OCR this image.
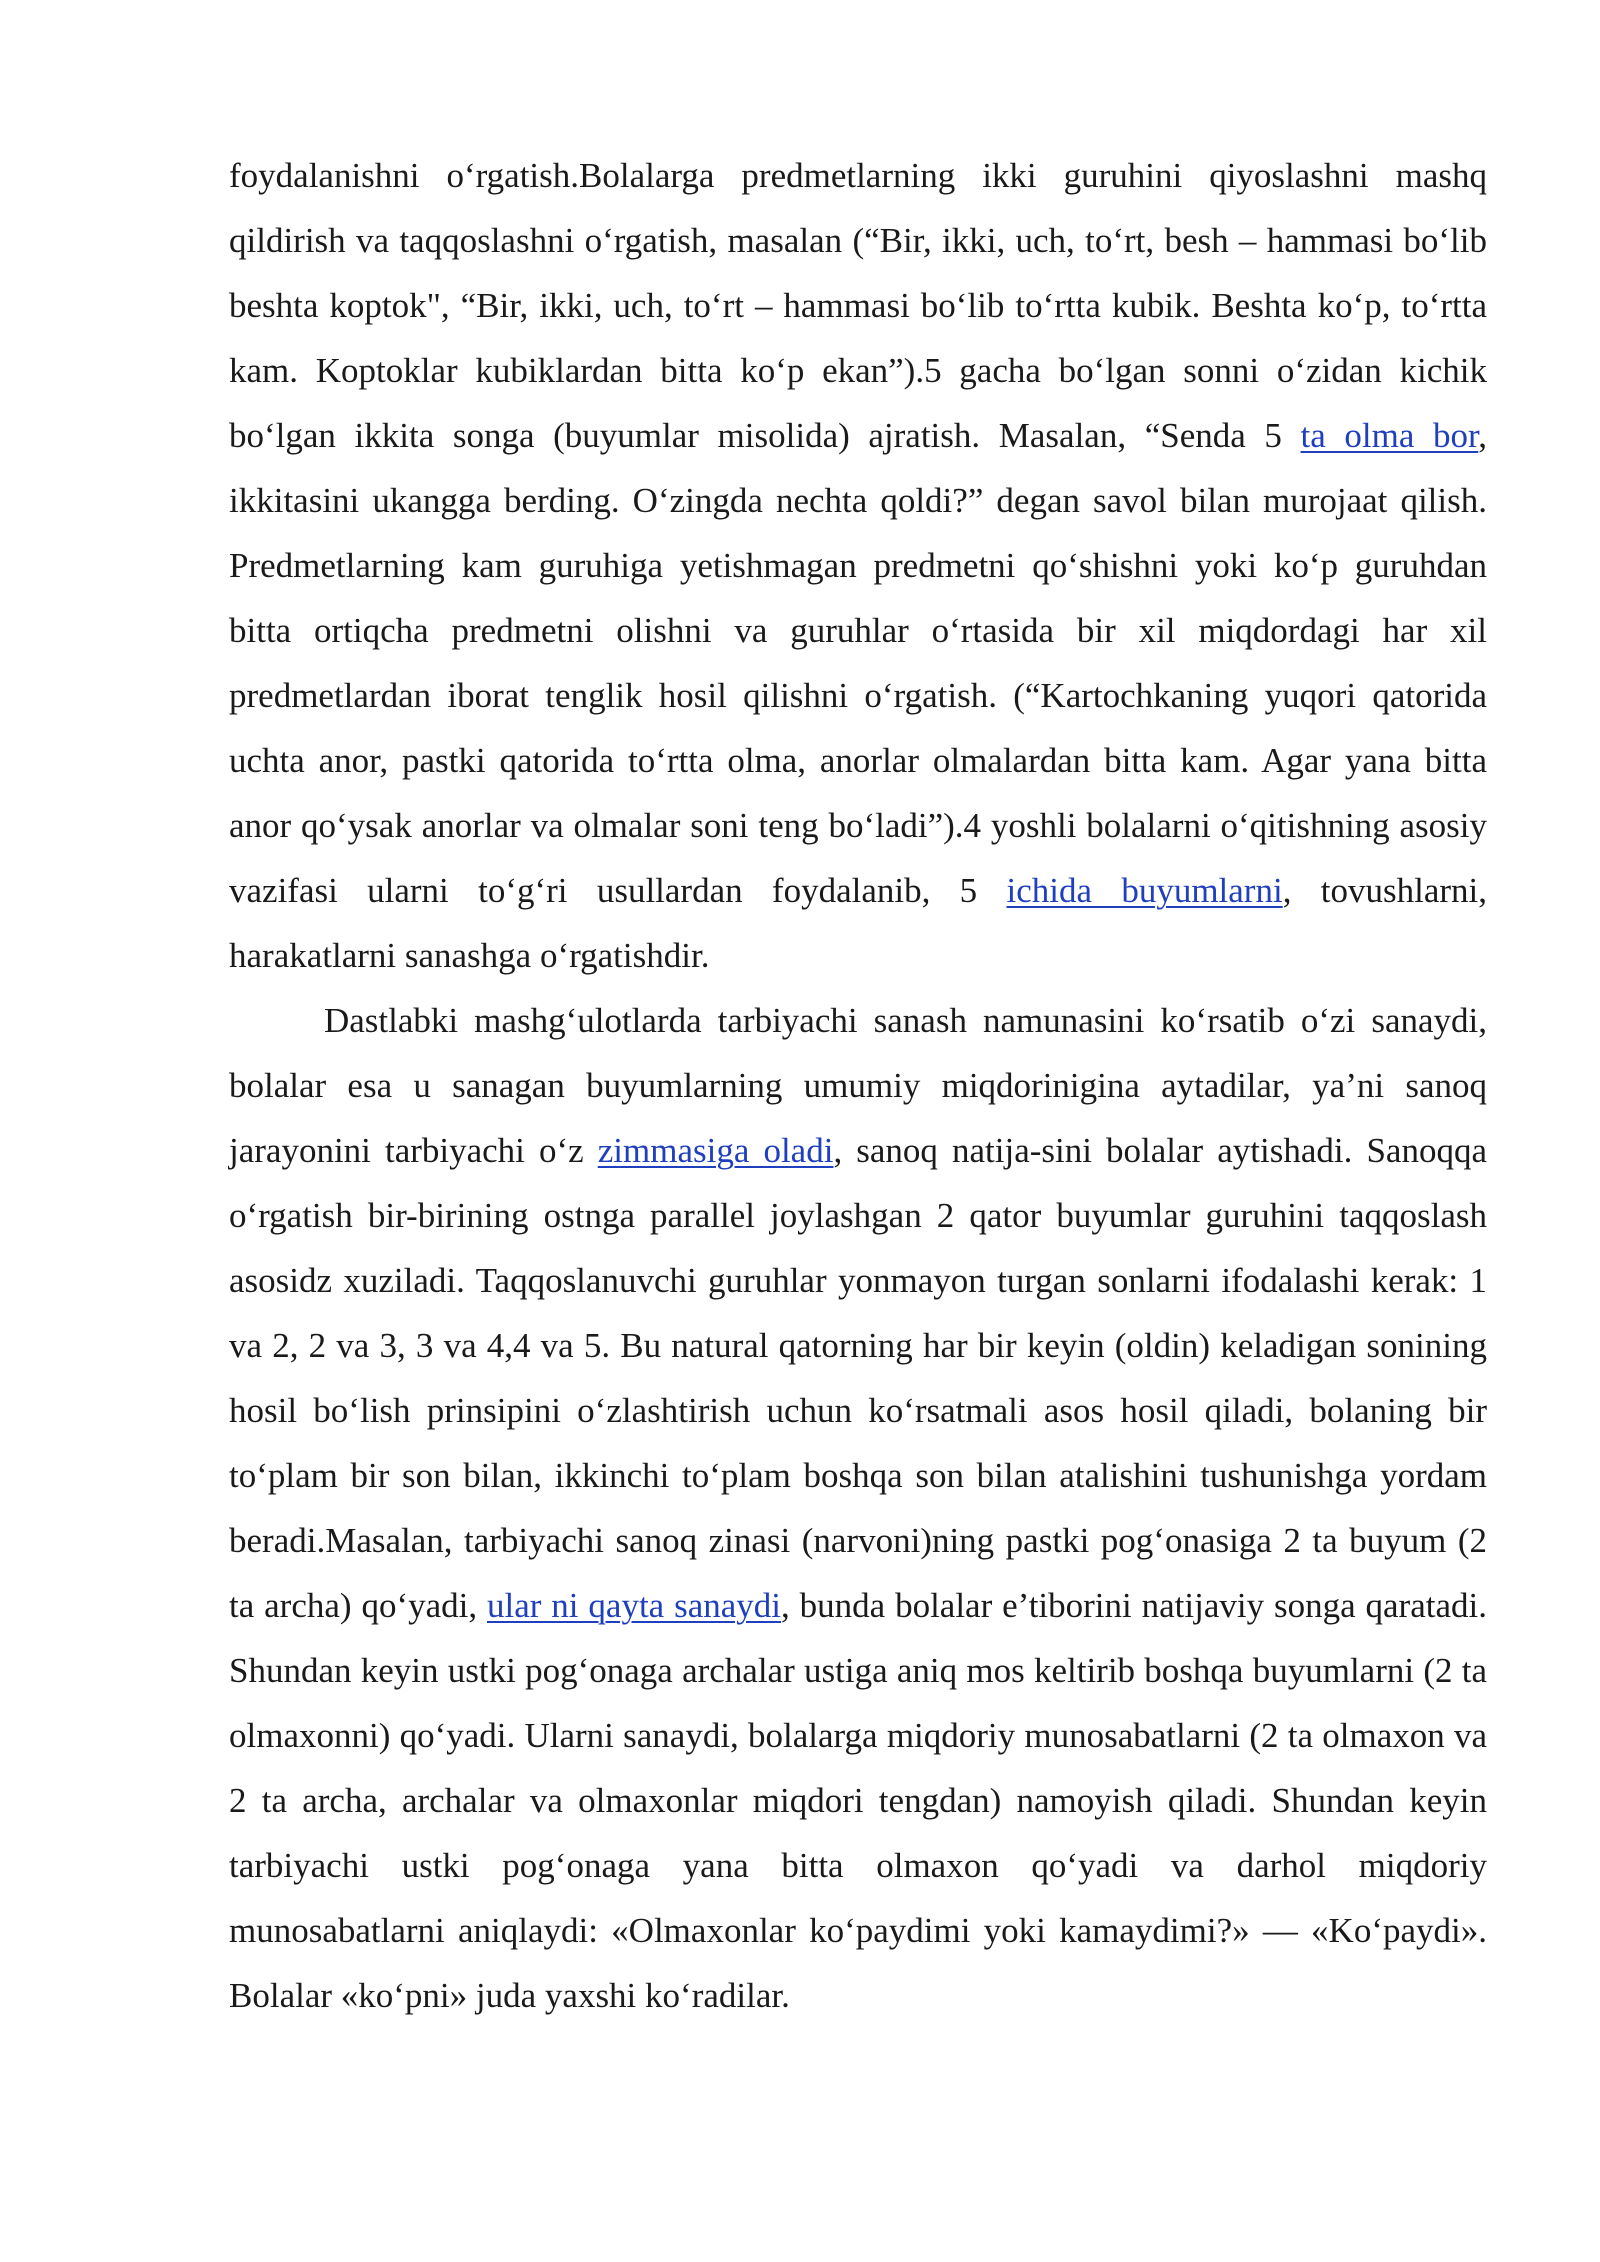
foydalanishni o‘rgatish.Bolalarga predmetlarning ikki guruhini qiyoslashni mashq qildirish va taqqoslashni o‘rgatish, masalan (“Bir, ikki, uch, to‘rt, besh – hammasi bo‘lib beshta koptok", “Bir, ikki, uch, to‘rt – hammasi bo‘lib to‘rtta kubik. Beshta ko‘p, to‘rtta kam. Koptoklar kubiklardan bitta ko‘p ekan”).5 gacha bo‘lgan sonni o‘zidan kichik bo‘lgan ikkita songa (buyumlar misolida) ajratish. Masalan, “Senda 5 ta olma bor, ikkitasini ukangga berding. O‘zingda nechta qoldi?” degan savol bilan murojaat qilish. Predmetlarning kam guruhiga yetishmagan predmetni qo‘shishni yoki ko‘p guruhdan bitta ortiqcha predmetni olishni va guruhlar o‘rtasida bir xil miqdordagi har xil predmetlardan iborat tenglik hosil qilishni o‘rgatish. (“Kartochkaning yuqori qatorida uchta anor, pastki qatorida to‘rtta olma, anorlar olmalardan bitta kam. Agar yana bitta anor qo‘ysak anorlar va olmalar soni teng bo‘ladi”).4 yoshli bolalarni o‘qitishning asosiy vazifasi ularni to‘g‘ri usullardan foydalanib, 5 ichida buyumlarni, tovushlarni, harakatlarni sanashga o‘rgatishdir.

Dastlabki mashg‘ulotlarda tarbiyachi sanash namunasini ko‘rsatib o‘zi sanaydi, bolalar esa u sanagan buyumlarning umumiy miqdorinigina aytadilar, ya’ni sanoq jarayonini tarbiyachi o‘z zimmasiga oladi, sanoq natija-sini bolalar aytishadi. Sanoqqa o‘rgatish bir-birining ostnga parallel joylashgan 2 qator buyumlar guruhini taqqoslash asosidz xuziladi. Taqqoslanuvchi guruhlar yonmayon turgan sonlarni ifodalashi kerak: 1 va 2, 2 va 3, 3 va 4,4 va 5. Bu natural qatorning har bir keyin (oldin) keladigan sonining hosil bo‘lish prinsipini o‘zlashtirish uchun ko‘rsatmali asos hosil qiladi, bolaning bir to‘plam bir son bilan, ikkinchi to‘plam boshqa son bilan atalishini tushunishga yordam beradi.Masalan, tarbiyachi sanoq zinasi (narvoni)ning pastki pog‘onasiga 2 ta buyum (2 ta archa) qo‘yadi, ular ni qayta sanaydi, bunda bolalar e’tiborini natijaviy songa qaratadi. Shundan keyin ustki pog‘onaga archalar ustiga aniq mos keltirib boshqa buyumlarni (2 ta olmaxonni) qo‘yadi. Ularni sanaydi, bolalarga miqdoriy munosabatlarni (2 ta olmaxon va 2 ta archa, archalar va olmaxonlar miqdori tengdan) namoyish qiladi. Shundan keyin tarbiyachi ustki pog‘onaga yana bitta olmaxon qo‘yadi va darhol miqdoriy munosabatlarni aniqlaydi: «Olmaxonlar ko‘paydimi yoki kamaydimi?» — «Ko‘paydi». Bolalar «ko‘pni» juda yaxshi ko‘radilar.
